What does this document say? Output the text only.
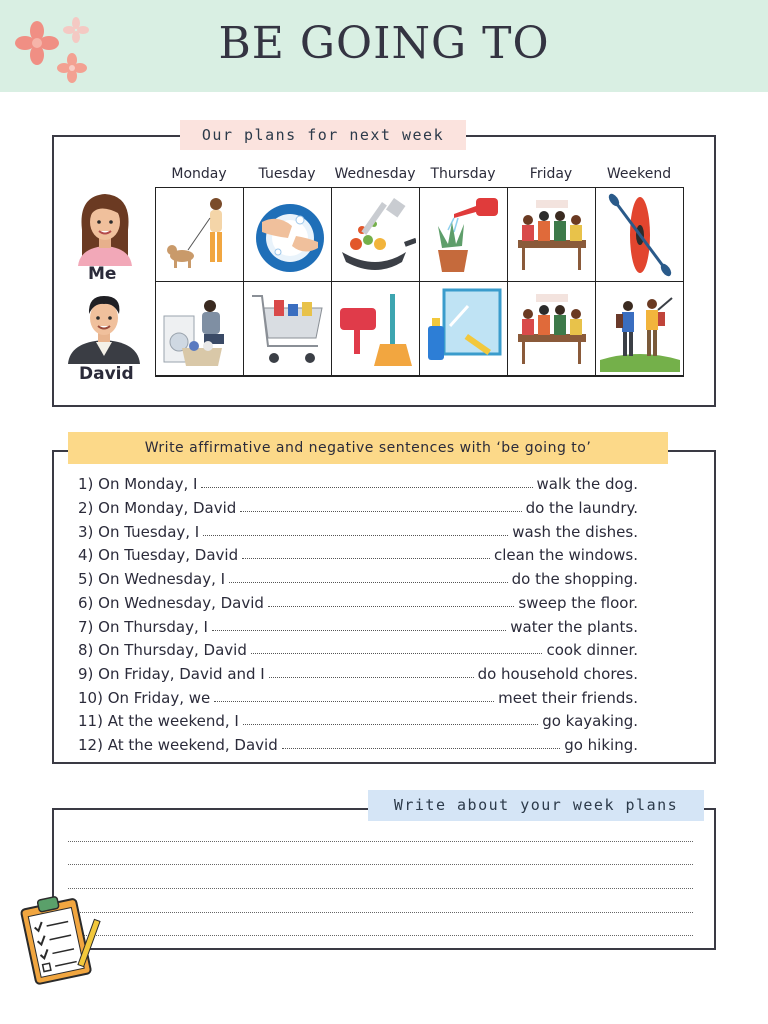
BE GOING TO
Our plans for next week
Monday	Tuesday	Wednesday	Thursday	Friday	Weekend
Me
David
Write affirmative and negative sentences with ‘be going to’
1) On Monday, I	walk the dog.
2) On Monday, David	do the laundry.
3) On Tuesday, I	wash the dishes.
4) On Tuesday, David	clean the windows.
5) On Wednesday, I	do the shopping.
6) On Wednesday, David	sweep the floor.
7) On Thursday, I	water the plants.
8) On Thursday, David	cook dinner.
9) On Friday, David and I	do household chores.
10) On Friday, we	meet their friends.
11) At the weekend, I	go kayaking.
12) At the weekend, David	go hiking.
Write about your week plans
